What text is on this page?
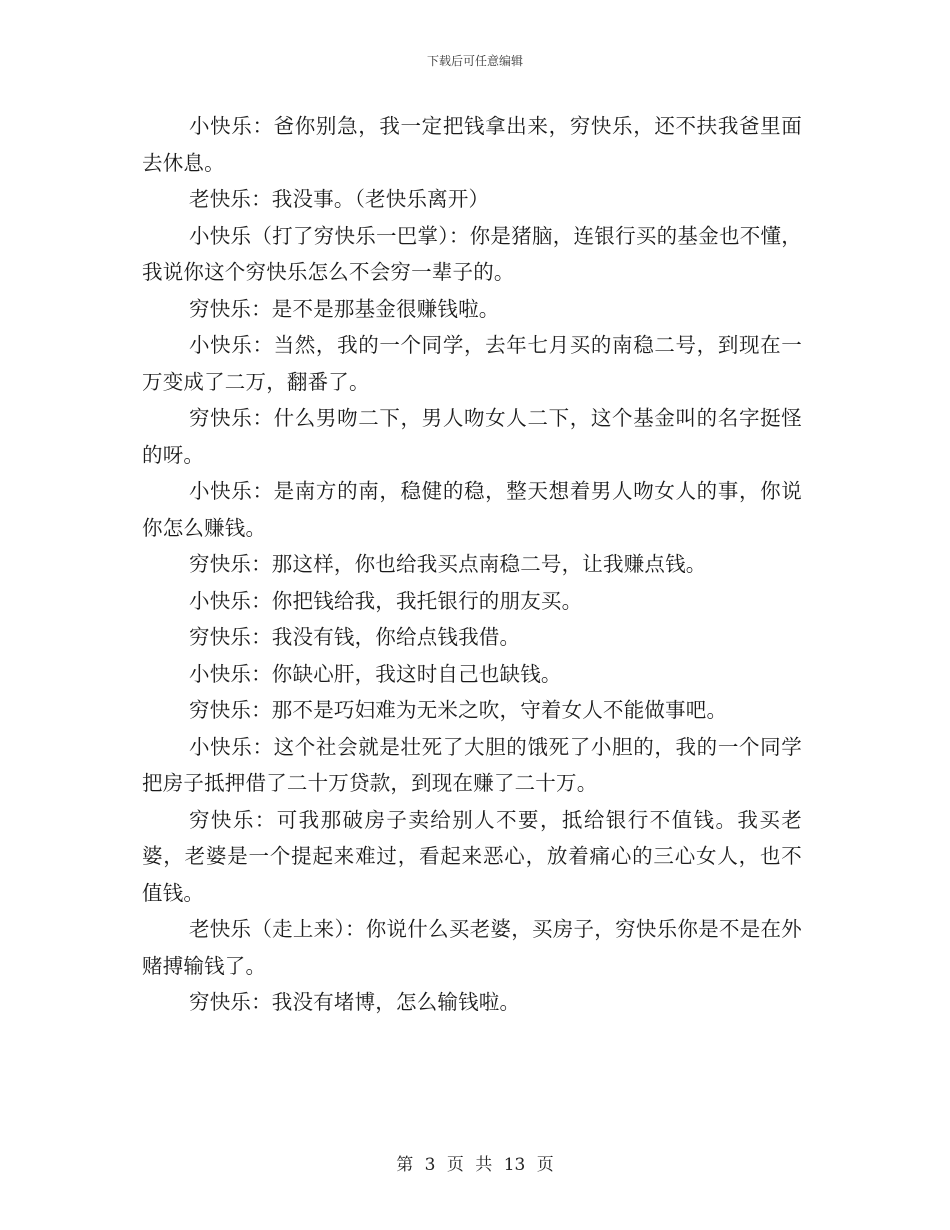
下载后可任意编辑

小快乐：爸你别急，我一定把钱拿出来，穷快乐，还不扶我爸里面去休息。

老快乐：我没事。（老快乐离开）

小快乐（打了穷快乐一巴掌）：你是猪脑，连银行买的基金也不懂，我说你这个穷快乐怎么不会穷一辈子的。

穷快乐：是不是那基金很赚钱啦。

小快乐：当然，我的一个同学，去年七月买的南稳二号，到现在一万变成了二万，翻番了。

穷快乐：什么男吻二下，男人吻女人二下，这个基金叫的名字挺怪的呀。

小快乐：是南方的南，稳健的稳，整天想着男人吻女人的事，你说你怎么赚钱。

穷快乐：那这样，你也给我买点南稳二号，让我赚点钱。

小快乐：你把钱给我，我托银行的朋友买。

穷快乐：我没有钱，你给点钱我借。

小快乐：你缺心肝，我这时自己也缺钱。

穷快乐：那不是巧妇难为无米之吹，守着女人不能做事吧。

小快乐：这个社会就是壮死了大胆的饿死了小胆的，我的一个同学把房子抵押借了二十万贷款，到现在赚了二十万。

穷快乐：可我那破房子卖给别人不要，抵给银行不值钱。我买老婆，老婆是一个提起来难过，看起来恶心，放着痛心的三心女人，也不值钱。

老快乐（走上来）：你说什么买老婆，买房子，穷快乐你是不是在外赌搏输钱了。

穷快乐：我没有堵博，怎么输钱啦。

第 3 页 共 13 页
